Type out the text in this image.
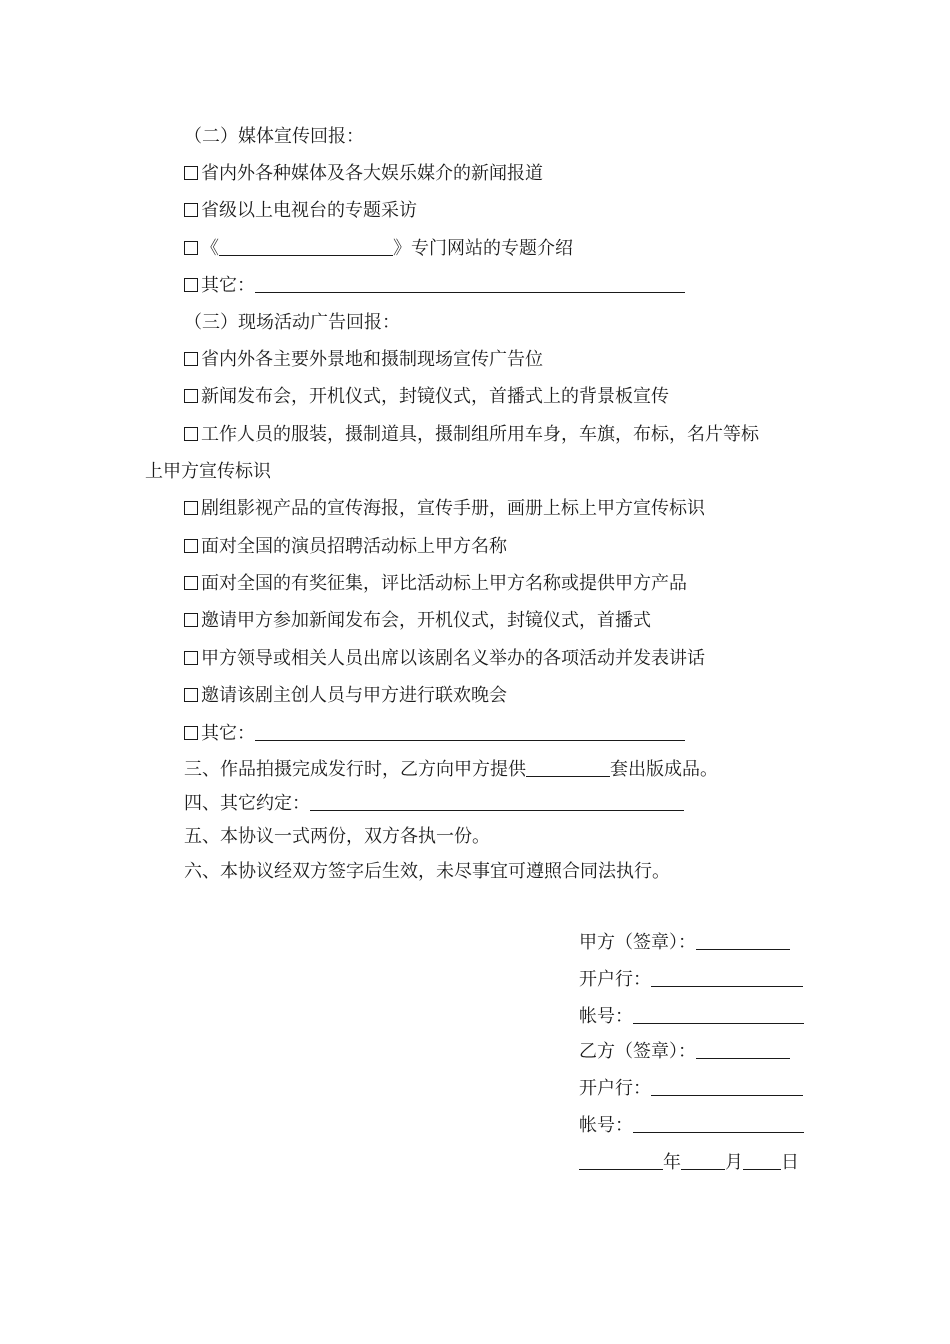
（二）媒体宣传回报：
省内外各种媒体及各大娱乐媒介的新闻报道
省级以上电视台的专题采访
《	》专门网站的专题介绍
其它：
（三）现场活动广告回报：
省内外各主要外景地和摄制现场宣传广告位
新闻发布会，开机仪式，封镜仪式，首播式上的背景板宣传
工作人员的服装，摄制道具，摄制组所用车身，车旗，布标，名片等标
上甲方宣传标识
剧组影视产品的宣传海报，宣传手册，画册上标上甲方宣传标识
面对全国的演员招聘活动标上甲方名称
面对全国的有奖征集，评比活动标上甲方名称或提供甲方产品
邀请甲方参加新闻发布会，开机仪式，封镜仪式，首播式
甲方领导或相关人员出席以该剧名义举办的各项活动并发表讲话
邀请该剧主创人员与甲方进行联欢晚会
其它：
三、作品拍摄完成发行时，乙方向甲方提供	套出版成品。
四、其它约定：
五、本协议一式两份，双方各执一份。
六、本协议经双方签字后生效，未尽事宜可遵照合同法执行。
甲方（签章）：
开户行：
帐号：
乙方（签章）：
开户行：
帐号：
年 月 日
